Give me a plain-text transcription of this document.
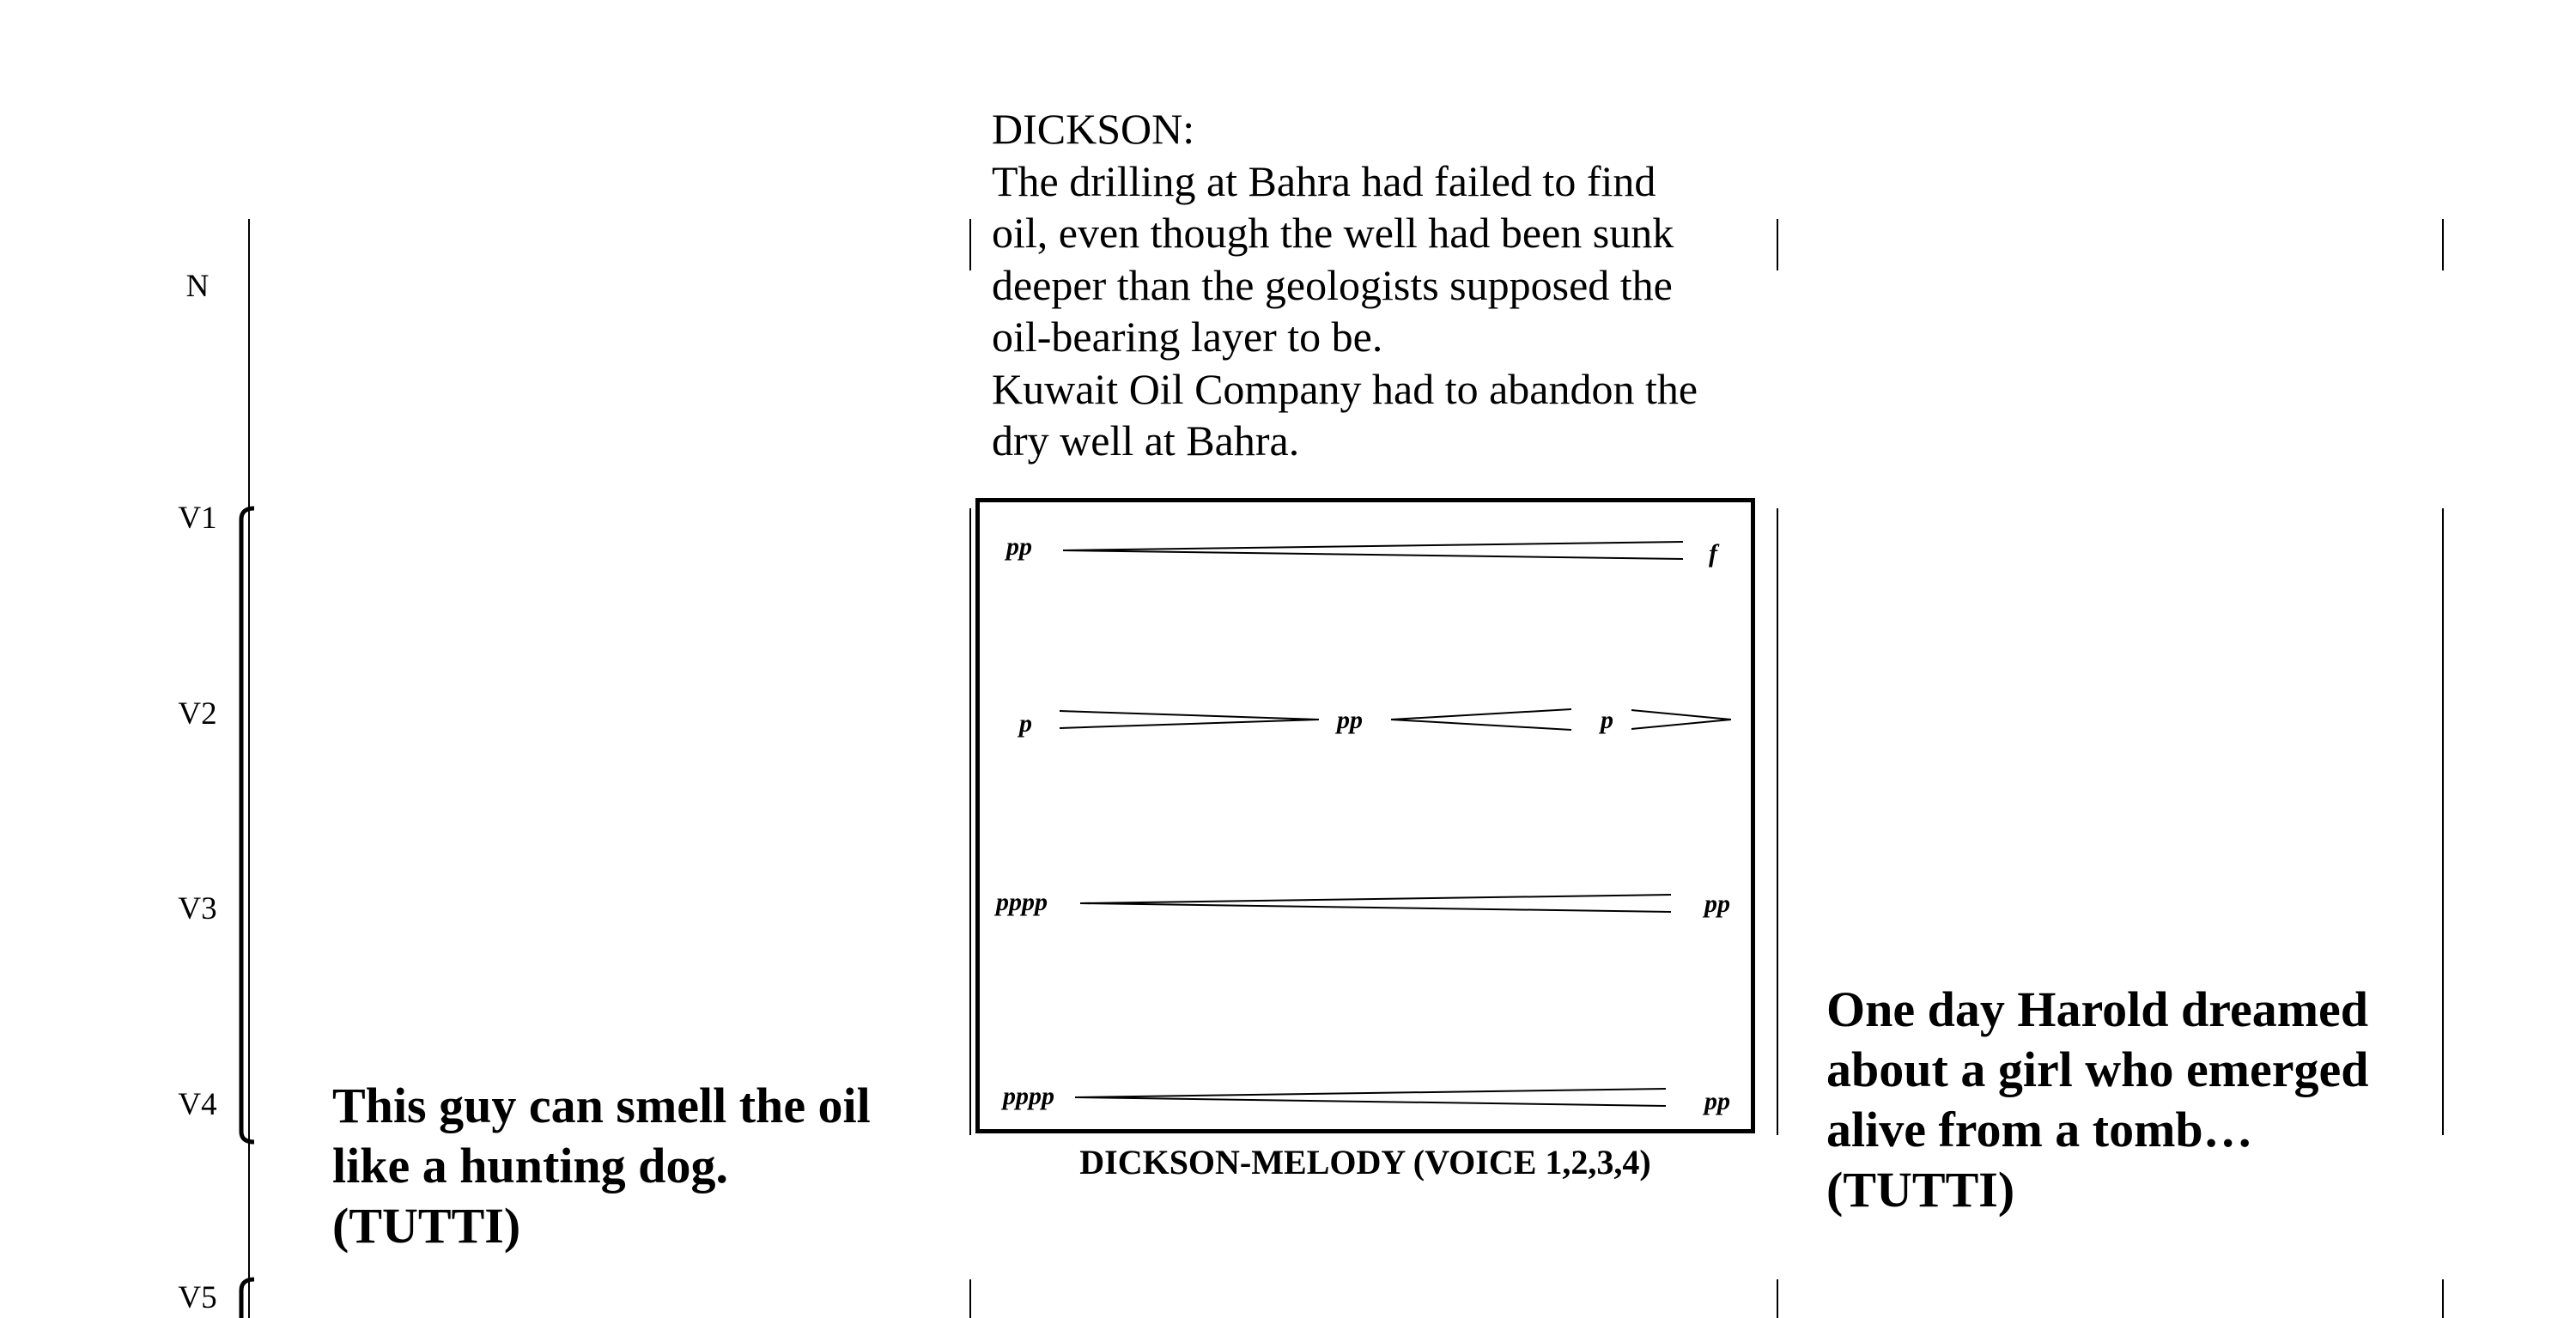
N
V1
V2
V3
V4
V5
DICKSON:
The drilling at Bahra had failed to find
oil, even though the well had been sunk
deeper than the geologists supposed the
oil-bearing layer to be.
Kuwait Oil Company had to abandon the
dry well at Bahra.
pp	f
p	pp	p
pppp	pp
pppp	pp
DICKSON-MELODY (VOICE 1,2,3,4)
This guy can smell the oil
like a hunting dog.
(TUTTI)
One day Harold dreamed
about a girl who emerged
alive from a tomb…
(TUTTI)
